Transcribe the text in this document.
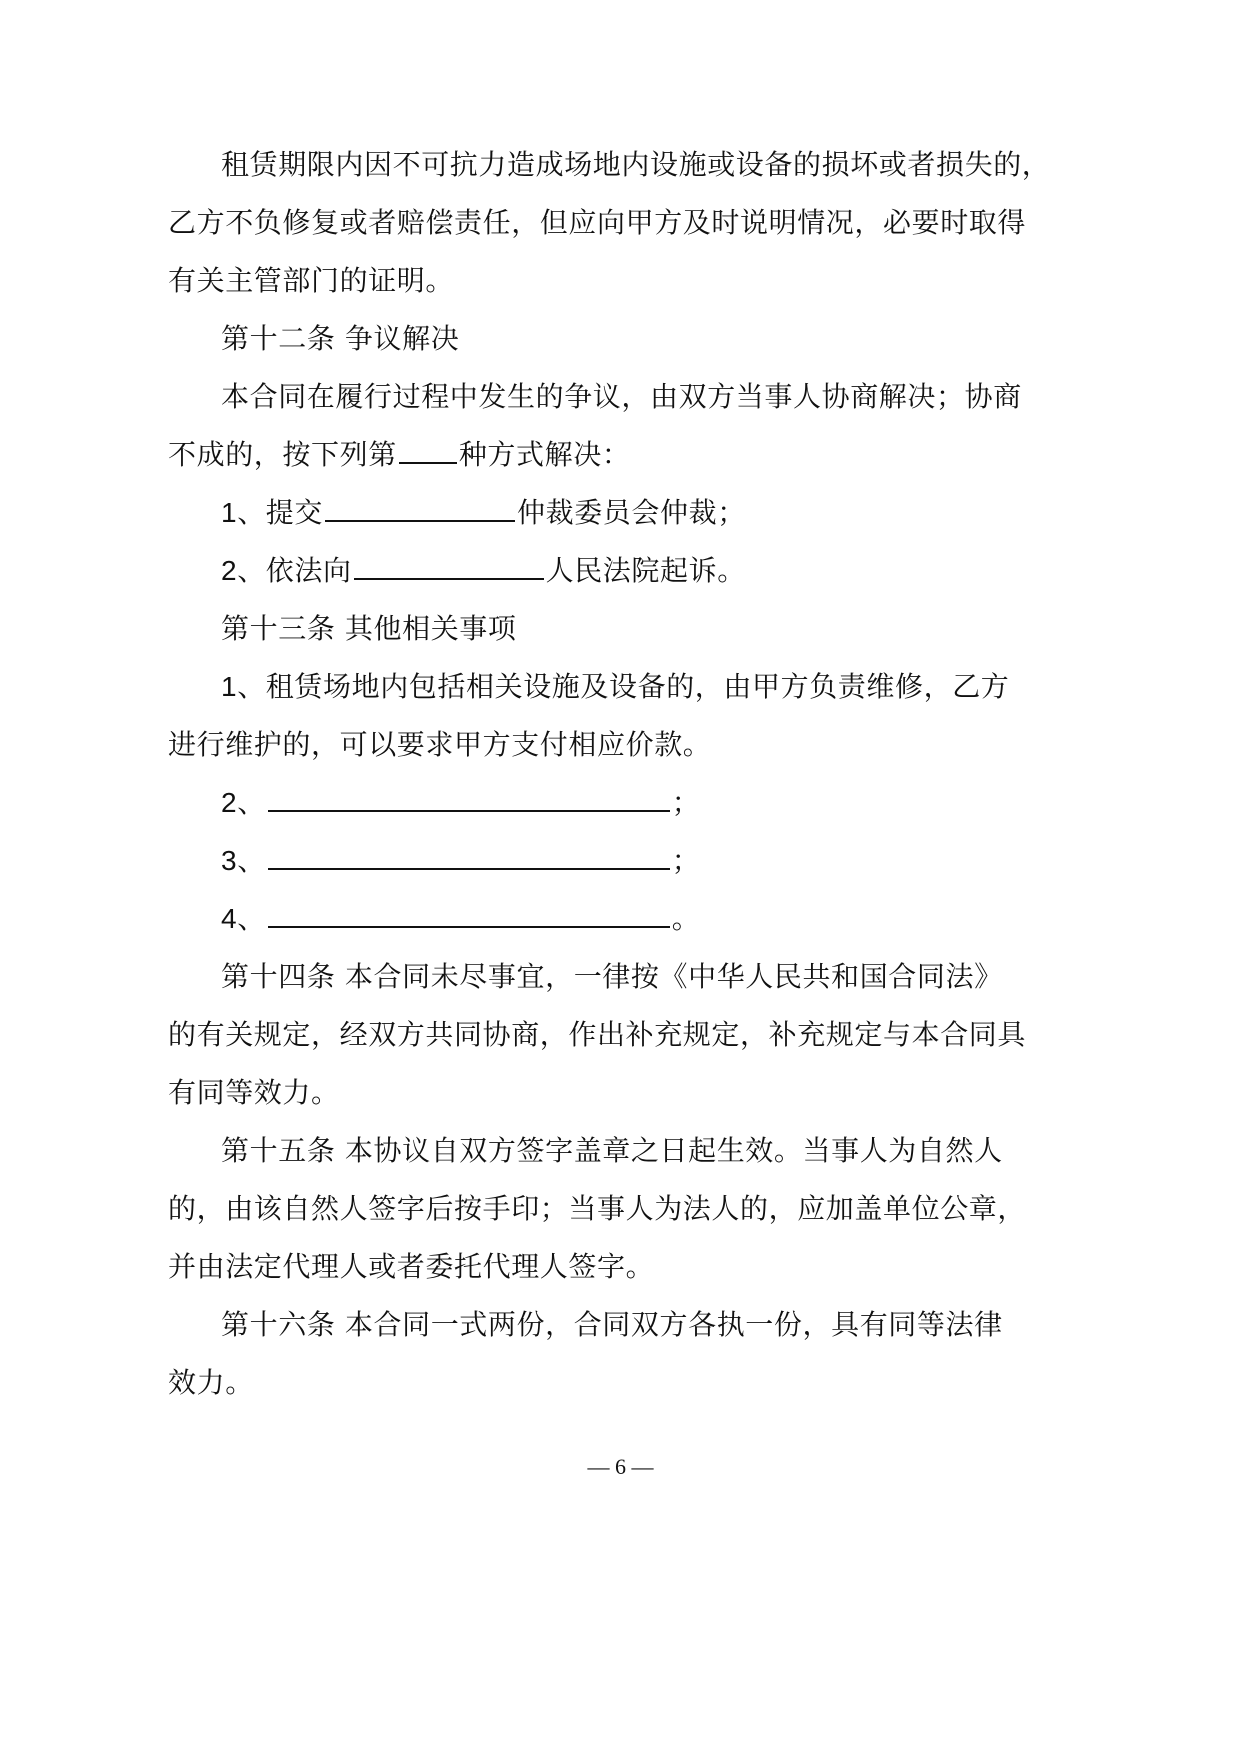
租赁期限内因不可抗力造成场地内设施或设备的损坏或者损失的，
乙方不负修复或者赔偿责任，但应向甲方及时说明情况，必要时取得
有关主管部门的证明。
第十二条 争议解决
本合同在履行过程中发生的争议，由双方当事人协商解决；协商
不成的，按下列第 种方式解决：
1、提交	仲裁委员会仲裁；
2、依法向	人民法院起诉。
第十三条 其他相关事项
1、租赁场地内包括相关设施及设备的，由甲方负责维修，乙方
进行维护的，可以要求甲方支付相应价款。
2、	；
3、	；
4、	。
第十四条 本合同未尽事宜，一律按《中华人民共和国合同法》
的有关规定，经双方共同协商，作出补充规定，补充规定与本合同具
有同等效力。
第十五条 本协议自双方签字盖章之日起生效。当事人为自然人
的，由该自然人签字后按手印；当事人为法人的，应加盖单位公章，
并由法定代理人或者委托代理人签字。
第十六条 本合同一式两份，合同双方各执一份，具有同等法律
效力。
— 6 —
